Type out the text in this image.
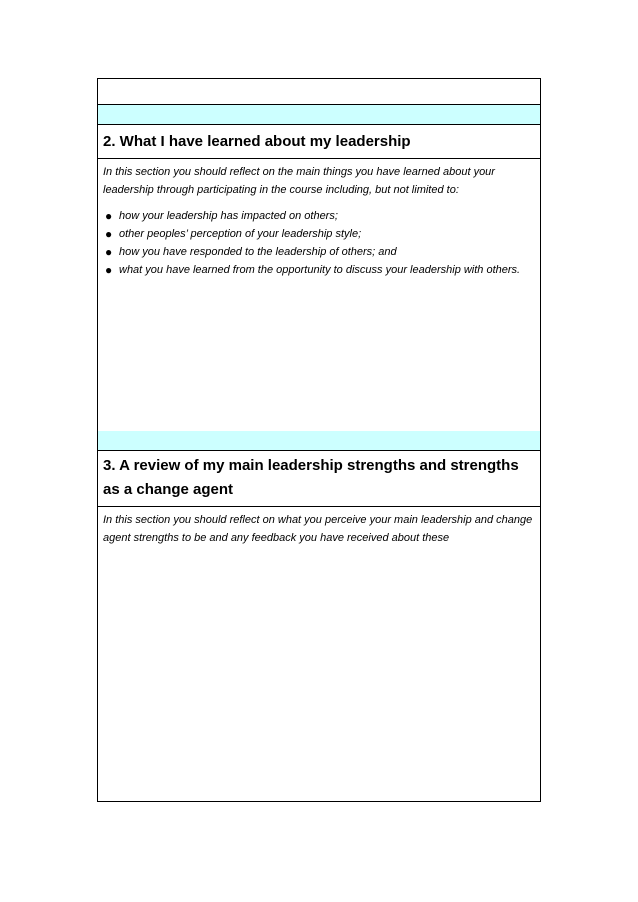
2. What I have learned about my leadership

In this section you should reflect on the main things you have learned about your leadership through participating in the course including, but not limited to:

● how your leadership has impacted on others;
● other peoples’ perception of your leadership style;
● how you have responded to the leadership of others; and
● what you have learned from the opportunity to discuss your leadership with others.
3. A review of my main leadership strengths and strengths as a change agent

In this section you should reflect on what you perceive your main leadership and change agent strengths to be and any feedback you have received about these
